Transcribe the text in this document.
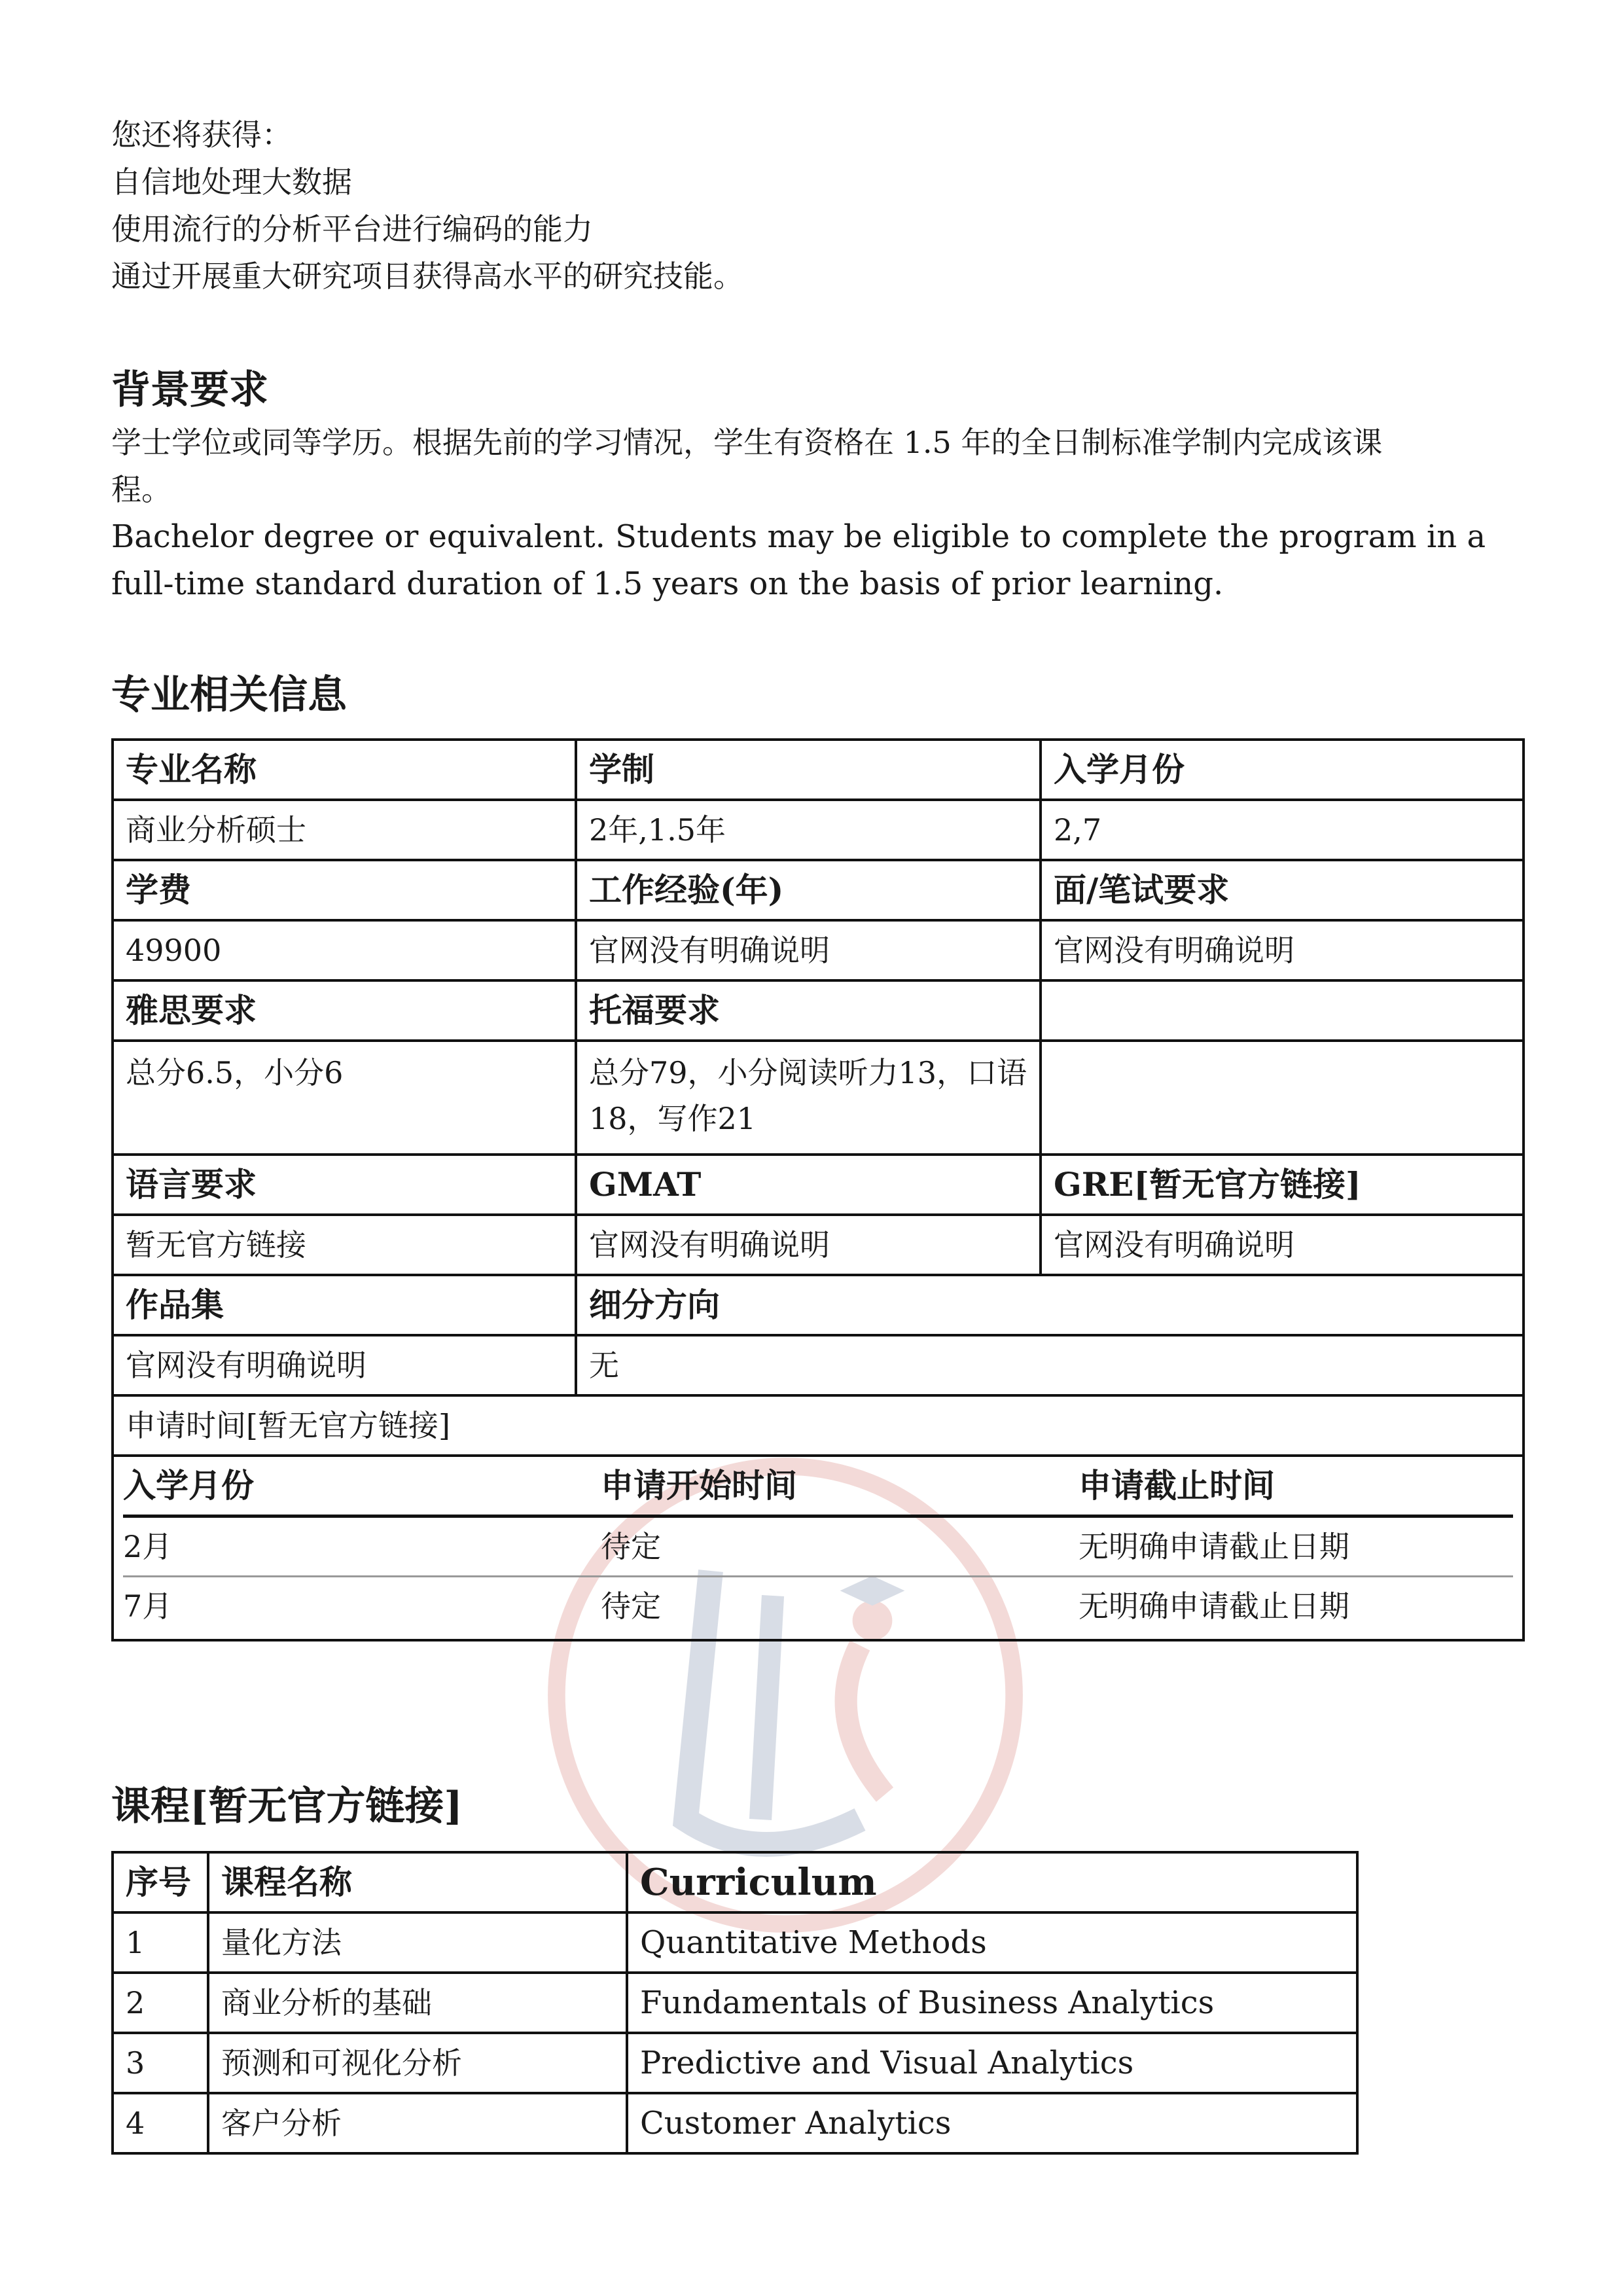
您还将获得：
自信地处理大数据
使用流行的分析平台进行编码的能力
通过开展重大研究项目获得高水平的研究技能。
背景要求
学士学位或同等学历。根据先前的学习情况，学生有资格在 1.5 年的全日制标准学制内完成该课
程。
Bachelor degree or equivalent. Students may be eligible to complete the program in a
full-time standard duration of 1.5 years on the basis of prior learning.
专业相关信息
专业名称	学制	入学月份
商业分析硕士	2年,1.5年	2,7
学费	工作经验(年)	面/笔试要求
49900	官网没有明确说明	官网没有明确说明
雅思要求	托福要求	
总分6.5，小分6	总分79，小分阅读听力13，口语18，写作21	
语言要求	GMAT	GRE[暂无官方链接]
暂无官方链接	官网没有明确说明	官网没有明确说明
作品集	细分方向
官网没有明确说明	无
申请时间[暂无官方链接]

入学月份	申请开始时间	申请截止时间
2月	待定	无明确申请截止日期
7月	待定	无明确申请截止日期
课程[暂无官方链接]
序号	课程名称	Curriculum
1	量化方法	Quantitative Methods
2	商业分析的基础	Fundamentals of Business Analytics
3	预测和可视化分析	Predictive and Visual Analytics
4	客户分析	Customer Analytics
